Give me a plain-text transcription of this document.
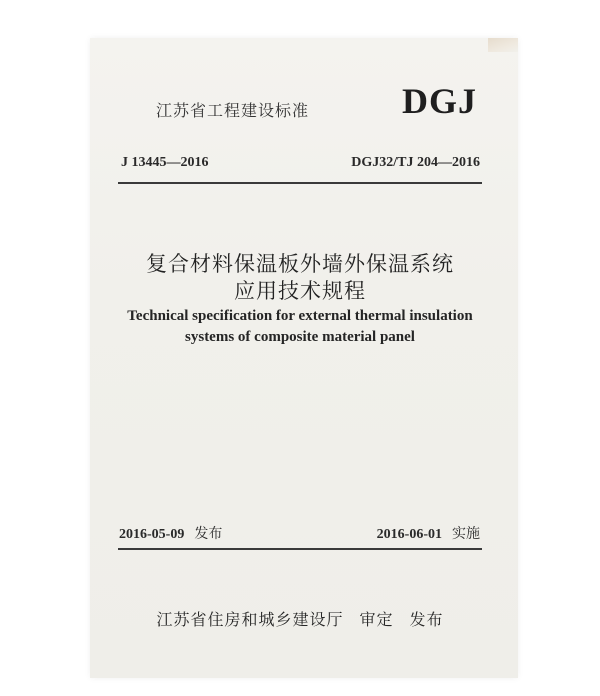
江苏省工程建设标准	DGJ
J 13445—2016	DGJ32/TJ 204—2016
复合材料保温板外墙外保温系统
应用技术规程
Technical specification for external thermal insulation
systems of composite material panel
2016-05-09 发布	2016-06-01 实施
江苏省住房和城乡建设厅 审定 发布
